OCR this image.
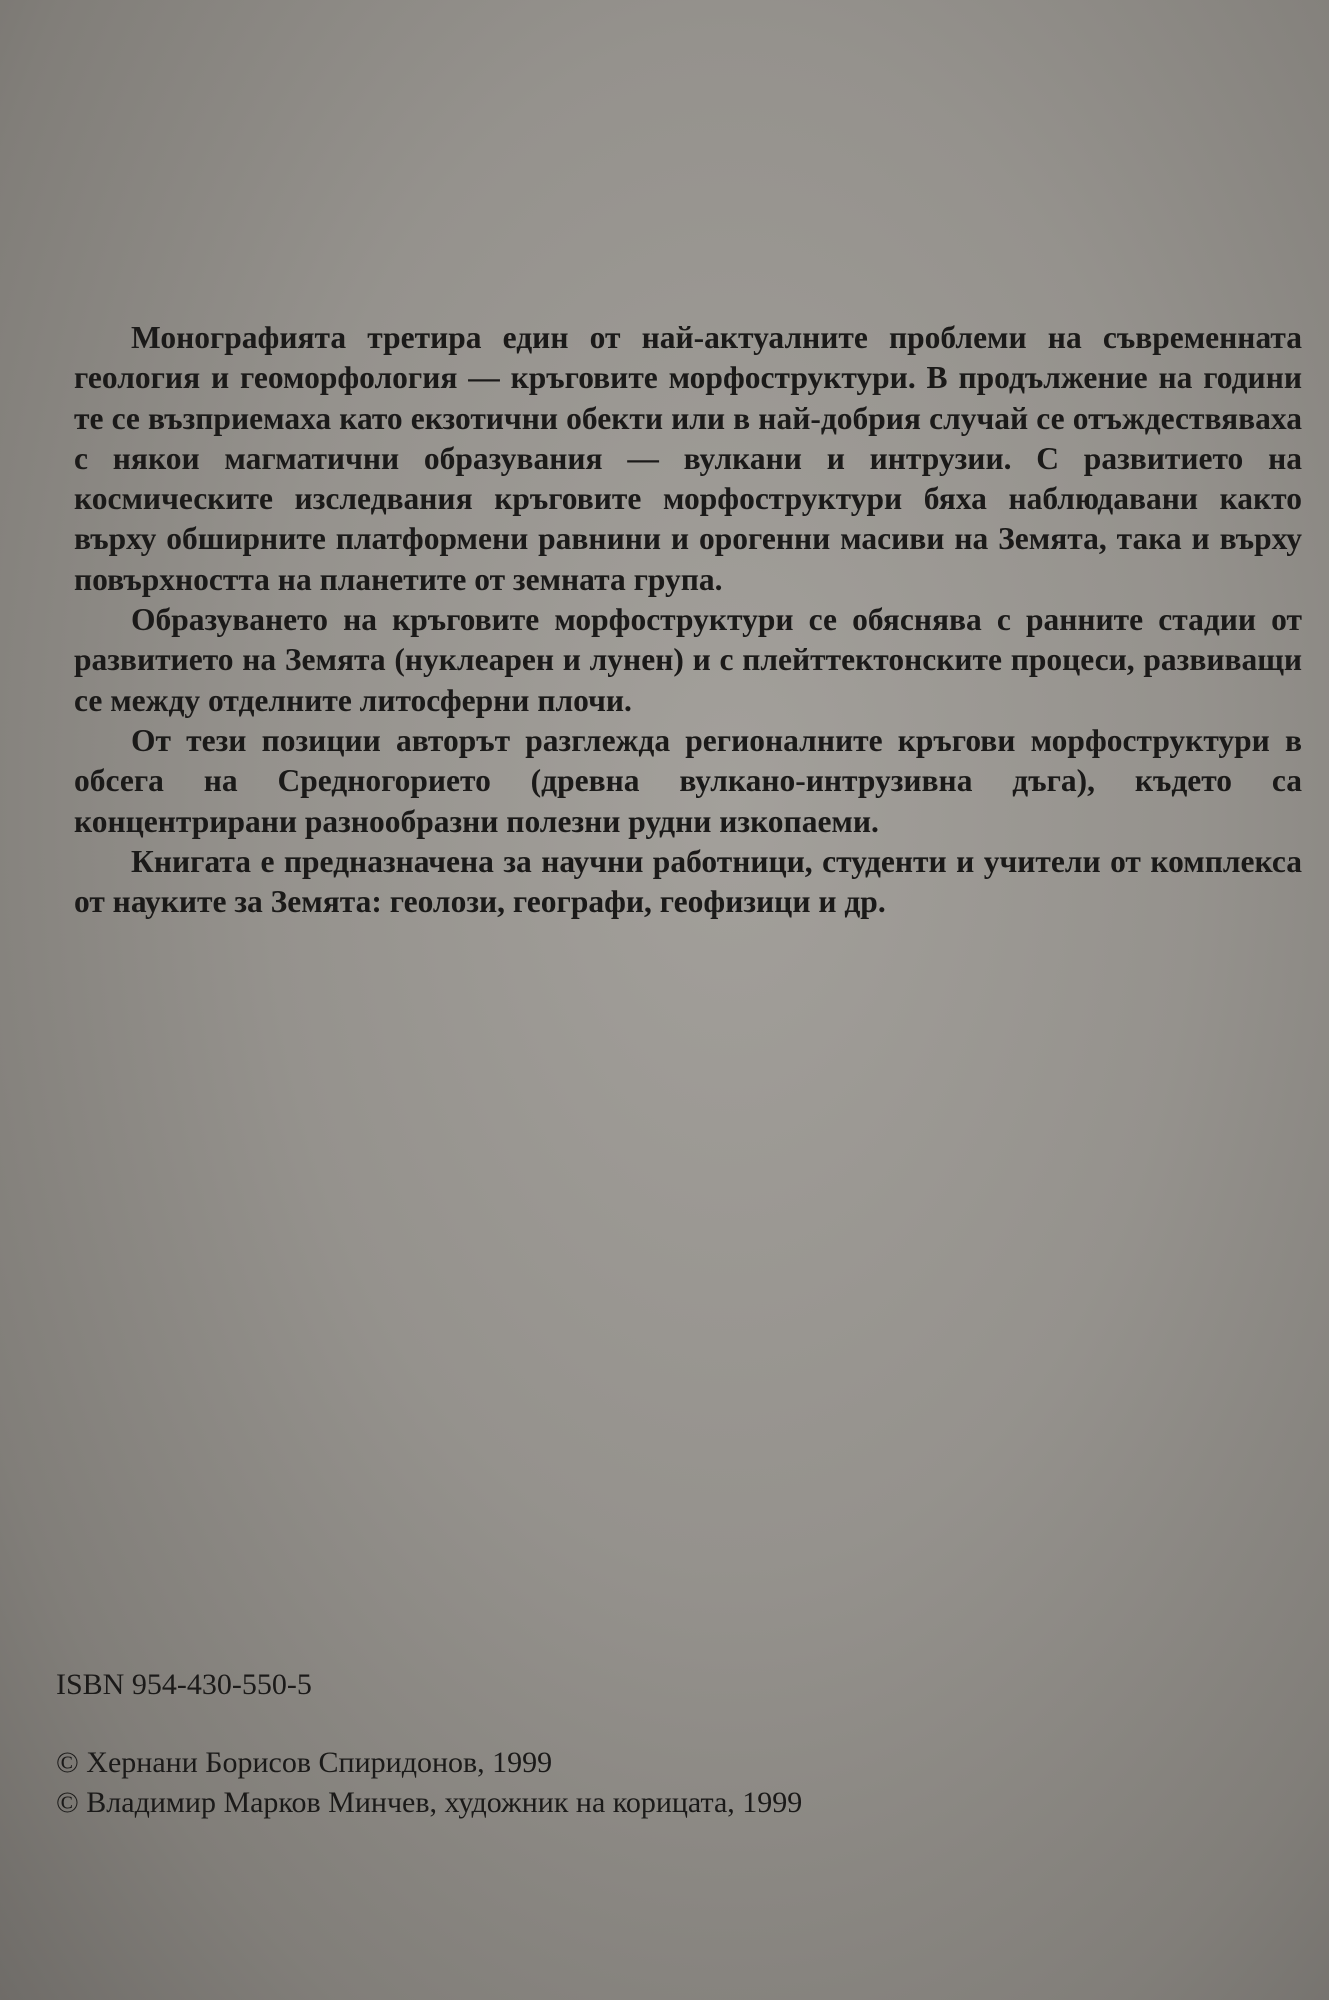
Монографията третира един от най-актуалните проблеми на съвременната геология и геоморфология — кръговите морфоструктури. В продължение на години те се възприемаха като екзотични обекти или в най-добрия случай се отъждествяваха с някои магматични образувания — вулкани и интрузии. С развитието на космическите изследвания кръговите морфоструктури бяха наблюдавани както върху обширните платформени равнини и орогенни масиви на Земята, така и върху повърхността на планетите от земната група.

Образуването на кръговите морфоструктури се обяснява с ранните стадии от развитието на Земята (нуклеарен и лунен) и с плейттектонските процеси, развиващи се между отделните литосферни плочи.

От тези позиции авторът разглежда регионалните кръгови морфоструктури в обсега на Средногорието (древна вулкано-интрузивна дъга), където са концентрирани разнообразни полезни рудни изкопаеми.

Книгата е предназначена за научни работници, студенти и учители от комплекса от науките за Земята: геолози, географи, геофизици и др.

ISBN 954-430-550-5
© Хернани Борисов Спиридонов, 1999
© Владимир Марков Минчев, художник на корицата, 1999
